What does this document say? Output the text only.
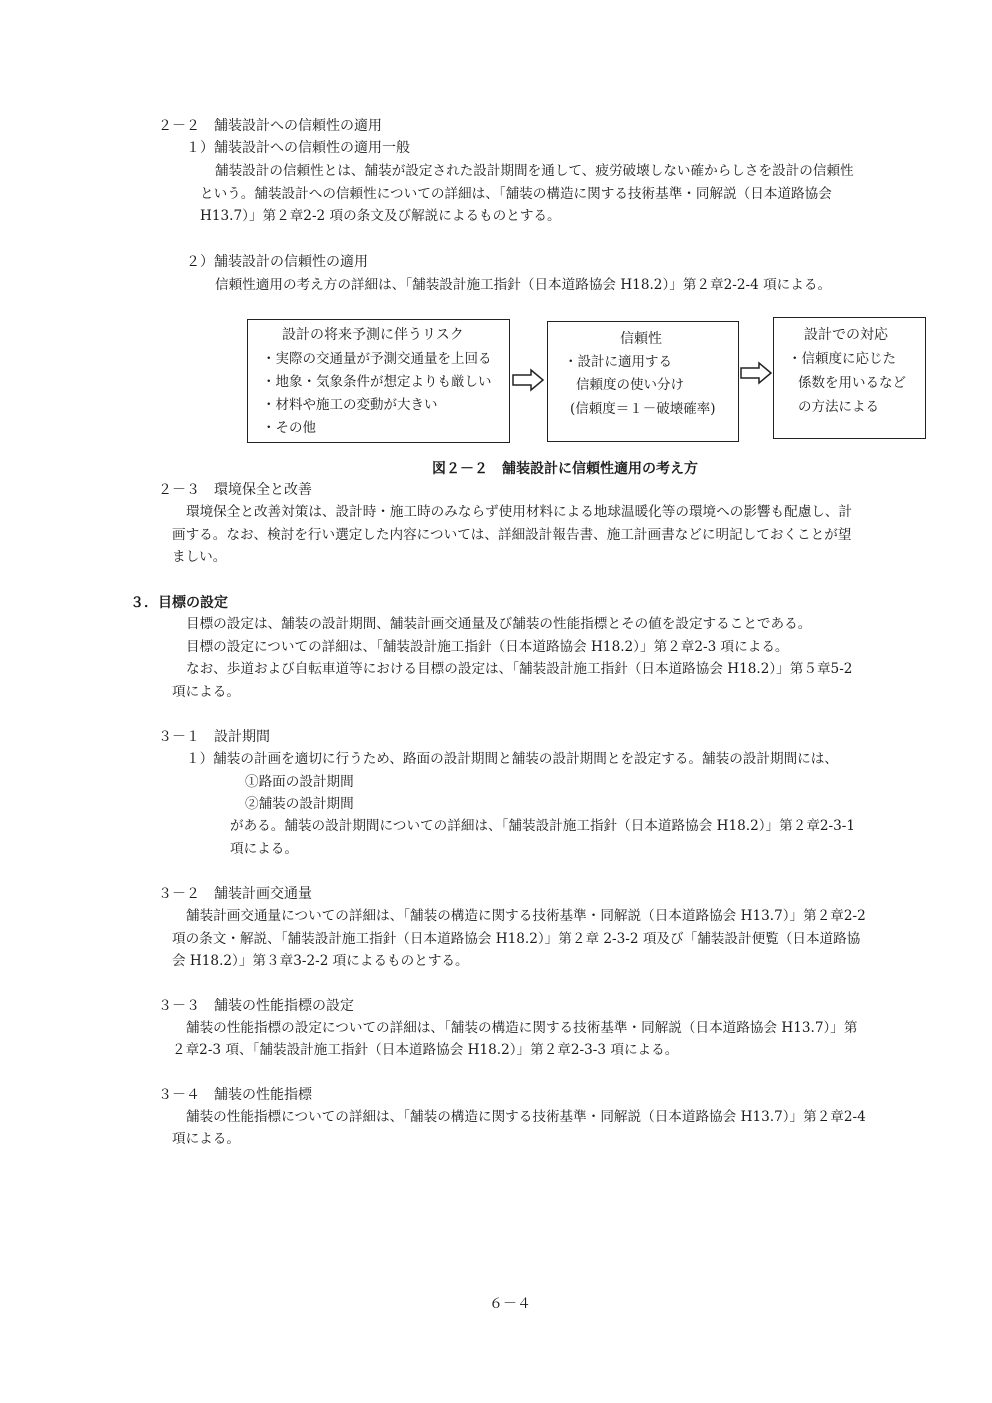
２－２　舗装設計への信頼性の適用
１）舗装設計への信頼性の適用一般
舗装設計の信頼性とは、舗装が設定された設計期間を通して、疲労破壊しない確からしさを設計の信頼性
という。舗装設計への信頼性についての詳細は、「舗装の構造に関する技術基準・同解説（日本道路協会
H13.7）」第２章2-2 項の条文及び解説によるものとする。
２）舗装設計の信頼性の適用
信頼性適用の考え方の詳細は、「舗装設計施工指針（日本道路協会 H18.2）」第２章2-2-4 項による。
設計の将来予測に伴うリスク
・実際の交通量が予測交通量を上回る
・地象・気象条件が想定よりも厳しい
・材料や施工の変動が大きい
・その他
信頼性
・設計に適用する
信頼度の使い分け
(信頼度＝１－破壊確率)
設計での対応
・信頼度に応じた
係数を用いるなど
の方法による
図２－２　舗装設計に信頼性適用の考え方
２－３　環境保全と改善
環境保全と改善対策は、設計時・施工時のみならず使用材料による地球温暖化等の環境への影響も配慮し、計
画する。なお、検討を行い選定した内容については、詳細設計報告書、施工計画書などに明記しておくことが望
ましい。
３．目標の設定
目標の設定は、舗装の設計期間、舗装計画交通量及び舗装の性能指標とその値を設定することである。
目標の設定についての詳細は、「舗装設計施工指針（日本道路協会 H18.2）」第２章2-3 項による。
なお、歩道および自転車道等における目標の設定は、「舗装設計施工指針（日本道路協会 H18.2）」第５章5-2
項による。
３－１　設計期間
１）舗装の計画を適切に行うため、路面の設計期間と舗装の設計期間とを設定する。舗装の設計期間には、
①路面の設計期間
②舗装の設計期間
がある。舗装の設計期間についての詳細は、「舗装設計施工指針（日本道路協会 H18.2）」第２章2-3-1
項による。
３－２　舗装計画交通量
舗装計画交通量についての詳細は、「舗装の構造に関する技術基準・同解説（日本道路協会 H13.7）」第２章2-2
項の条文・解説、「舗装設計施工指針（日本道路協会 H18.2）」第２章 2-3-2 項及び「舗装設計便覧（日本道路協
会 H18.2）」第３章3-2-2 項によるものとする。
３－３　舗装の性能指標の設定
舗装の性能指標の設定についての詳細は、「舗装の構造に関する技術基準・同解説（日本道路協会 H13.7）」第
２章2-3 項、「舗装設計施工指針（日本道路協会 H18.2）」第２章2-3-3 項による。
３－４　舗装の性能指標
舗装の性能指標についての詳細は、「舗装の構造に関する技術基準・同解説（日本道路協会 H13.7）」第２章2-4
項による。
６－４
